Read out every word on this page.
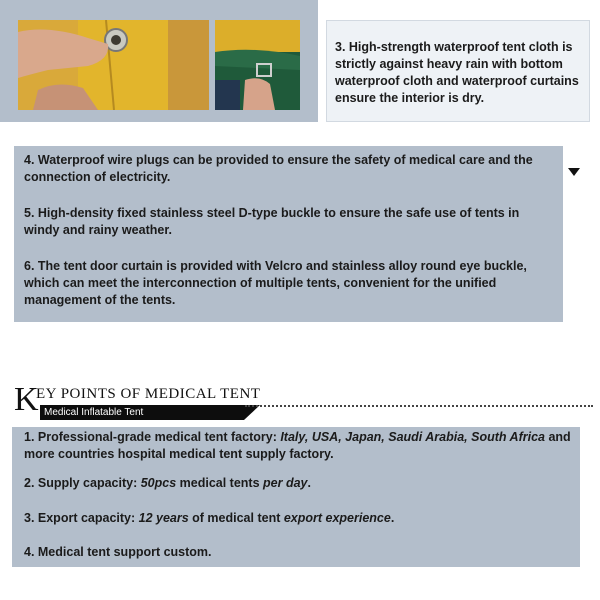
3. High-strength waterproof tent cloth is strictly against heavy rain with bottom waterproof cloth and waterproof curtains ensure the interior is dry.

4. Waterproof wire plugs can be provided to ensure the safety of medical care and the connection of electricity.

5. High-density fixed stainless steel D-type buckle to ensure the safe use of tents in windy and rainy weather.

6. The tent door curtain is provided with Velcro and stainless alloy round eye buckle, which can meet the interconnection of multiple tents, convenient for the unified management of the tents.

K
EY POINTS OF MEDICAL TENT
Medical Inflatable Tent

1. Professional-grade medical tent factory: Italy, USA, Japan, Saudi Arabia, South Africa and more countries hospital medical tent supply factory.

2. Supply capacity: 50pcs medical tents per day.

3. Export capacity: 12 years of medical tent export experience.

4. Medical tent support custom.
